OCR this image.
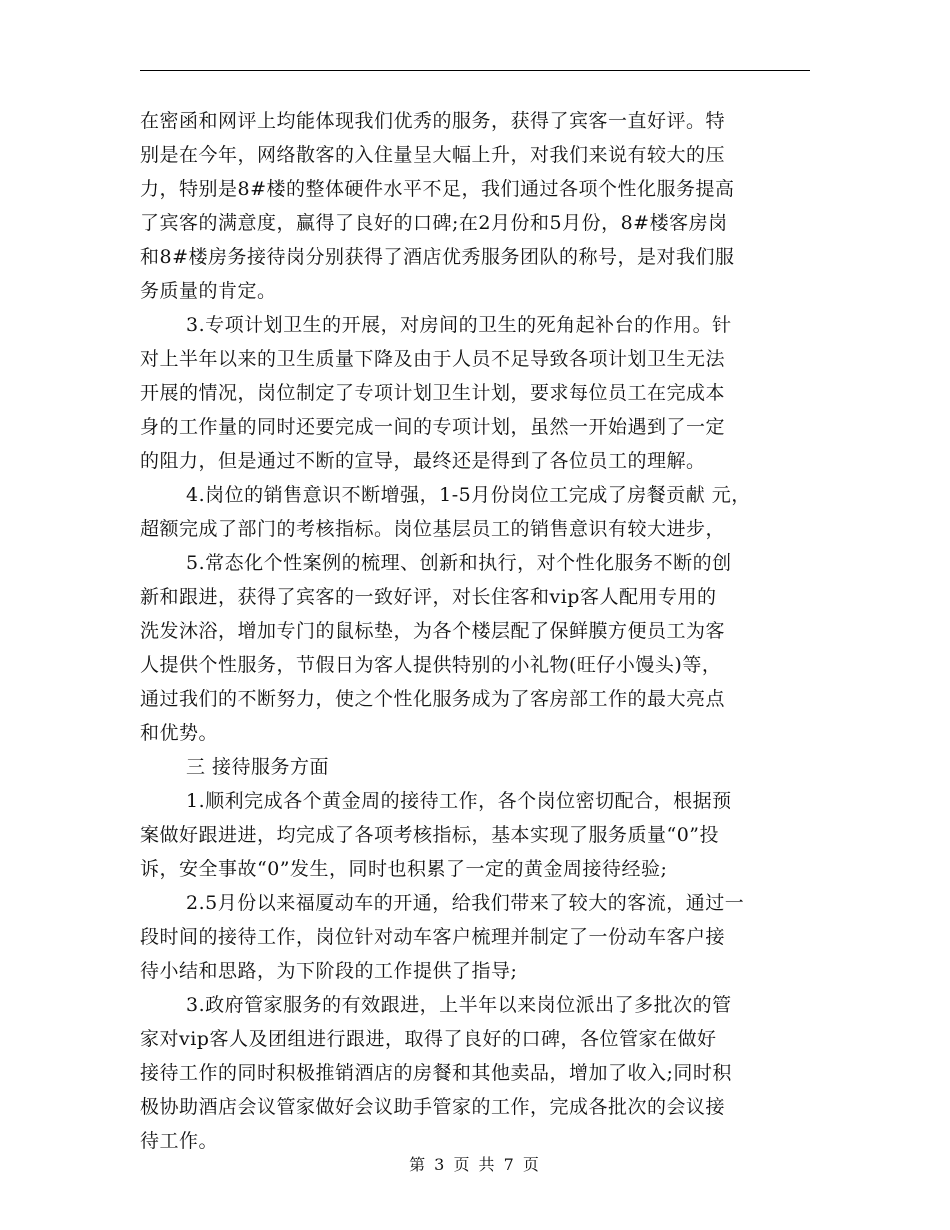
在密函和网评上均能体现我们优秀的服务，获得了宾客一直好评。特
别是在今年，网络散客的入住量呈大幅上升，对我们来说有较大的压
力，特别是8#楼的整体硬件水平不足，我们通过各项个性化服务提高
了宾客的满意度，赢得了良好的口碑;在2月份和5月份，8#楼客房岗
和8#楼房务接待岗分别获得了酒店优秀服务团队的称号，是对我们服
务质量的肯定。
3.专项计划卫生的开展，对房间的卫生的死角起补台的作用。针
对上半年以来的卫生质量下降及由于人员不足导致各项计划卫生无法
开展的情况，岗位制定了专项计划卫生计划，要求每位员工在完成本
身的工作量的同时还要完成一间的专项计划，虽然一开始遇到了一定
的阻力，但是通过不断的宣导，最终还是得到了各位员工的理解。
4.岗位的销售意识不断增强，1-5月份岗位工完成了房餐贡献 元，
超额完成了部门的考核指标。岗位基层员工的销售意识有较大进步，
5.常态化个性案例的梳理、创新和执行，对个性化服务不断的创
新和跟进，获得了宾客的一致好评，对长住客和vip客人配用专用的
洗发沐浴，增加专门的鼠标垫，为各个楼层配了保鲜膜方便员工为客
人提供个性服务，节假日为客人提供特别的小礼物(旺仔小馒头)等，
通过我们的不断努力，使之个性化服务成为了客房部工作的最大亮点
和优势。
三 接待服务方面
1.顺利完成各个黄金周的接待工作，各个岗位密切配合，根据预
案做好跟进进，均完成了各项考核指标，基本实现了服务质量“0”投
诉，安全事故“0”发生，同时也积累了一定的黄金周接待经验;
2.5月份以来福厦动车的开通，给我们带来了较大的客流，通过一
段时间的接待工作，岗位针对动车客户梳理并制定了一份动车客户接
待小结和思路，为下阶段的工作提供了指导;
3.政府管家服务的有效跟进，上半年以来岗位派出了多批次的管
家对vip客人及团组进行跟进，取得了良好的口碑，各位管家在做好
接待工作的同时积极推销酒店的房餐和其他卖品，增加了收入;同时积
极协助酒店会议管家做好会议助手管家的工作，完成各批次的会议接
待工作。
第 3 页 共 7 页
